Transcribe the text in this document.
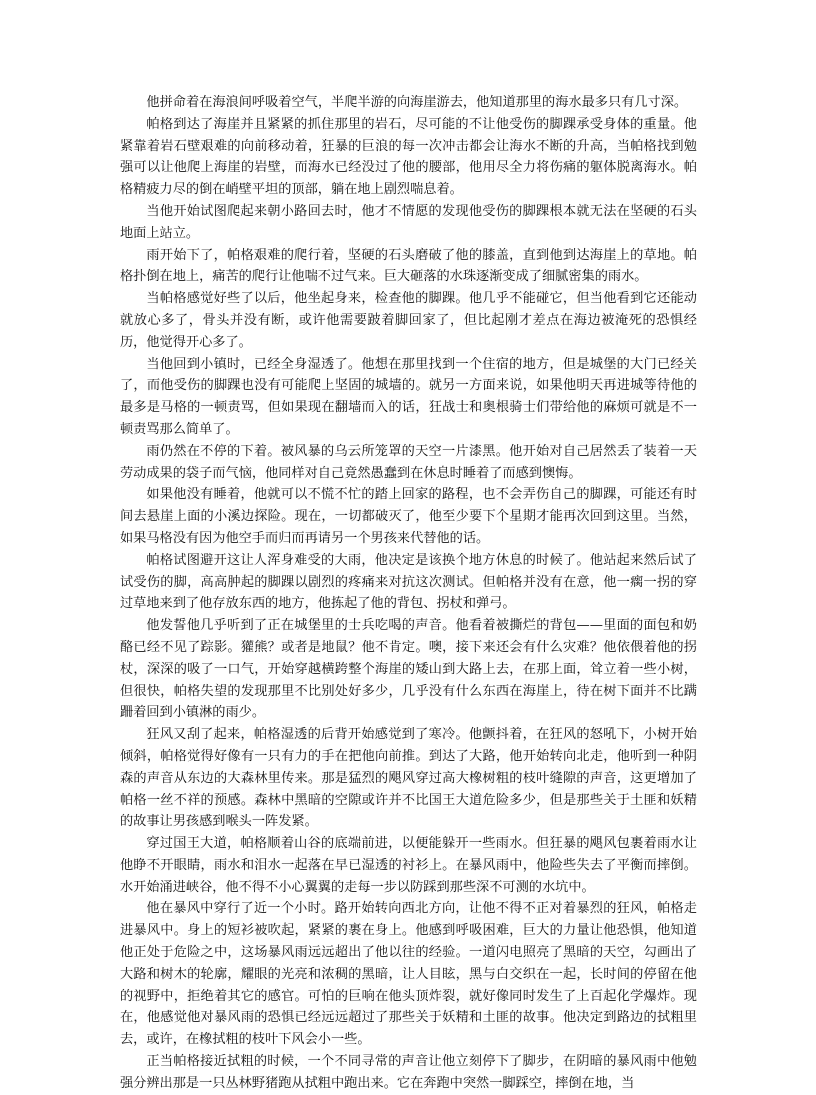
他拼命着在海浪间呼吸着空气，半爬半游的向海崖游去，他知道那里的海水最多只有几寸深。

帕格到达了海崖并且紧紧的抓住那里的岩石，尽可能的不让他受伤的脚踝承受身体的重量。他紧靠着岩石壁艰难的向前移动着，狂暴的巨浪的每一次冲击都会让海水不断的升高，当帕格找到勉强可以让他爬上海崖的岩壁，而海水已经没过了他的腰部，他用尽全力将伤痛的躯体脱离海水。帕格精疲力尽的倒在峭壁平坦的顶部，躺在地上剧烈喘息着。

当他开始试图爬起来朝小路回去时，他才不情愿的发现他受伤的脚踝根本就无法在坚硬的石头地面上站立。

雨开始下了，帕格艰难的爬行着，坚硬的石头磨破了他的膝盖，直到他到达海崖上的草地。帕格扑倒在地上，痛苦的爬行让他喘不过气来。巨大砸落的水珠逐渐变成了细腻密集的雨水。

当帕格感觉好些了以后，他坐起身来，检查他的脚踝。他几乎不能碰它，但当他看到它还能动就放心多了，骨头并没有断，或许他需要跛着脚回家了，但比起刚才差点在海边被淹死的恐惧经历，他觉得开心多了。

当他回到小镇时，已经全身湿透了。他想在那里找到一个住宿的地方，但是城堡的大门已经关了，而他受伤的脚踝也没有可能爬上坚固的城墙的。就另一方面来说，如果他明天再进城等待他的最多是马格的一顿责骂，但如果现在翻墙而入的话，狂战士和奥根骑士们带给他的麻烦可就是不一顿责骂那么简单了。

雨仍然在不停的下着。被风暴的乌云所笼罩的天空一片漆黑。他开始对自己居然丢了装着一天劳动成果的袋子而气恼，他同样对自己竟然愚蠢到在休息时睡着了而感到懊悔。

如果他没有睡着，他就可以不慌不忙的踏上回家的路程，也不会弄伤自己的脚踝，可能还有时间去悬崖上面的小溪边探险。现在，一切都破灭了，他至少要下个星期才能再次回到这里。当然，如果马格没有因为他空手而归而再请另一个男孩来代替他的话。

帕格试图避开这让人浑身难受的大雨，他决定是该换个地方休息的时候了。他站起来然后试了试受伤的脚，高高肿起的脚踝以剧烈的疼痛来对抗这次测试。但帕格并没有在意，他一瘸一拐的穿过草地来到了他存放东西的地方，他拣起了他的背包、拐杖和弹弓。

他发誓他几乎听到了正在城堡里的士兵吃喝的声音。他看着被撕烂的背包——里面的面包和奶酪已经不见了踪影。獾熊？或者是地鼠？他不肯定。噢，接下来还会有什么灾难？他依偎着他的拐杖，深深的吸了一口气，开始穿越横跨整个海崖的矮山到大路上去，在那上面，耸立着一些小树，但很快，帕格失望的发现那里不比别处好多少，几乎没有什么东西在海崖上，待在树下面并不比蹒跚着回到小镇淋的雨少。

狂风又刮了起来，帕格湿透的后背开始感觉到了寒冷。他颤抖着，在狂风的怒吼下，小树开始倾斜，帕格觉得好像有一只有力的手在把他向前推。到达了大路，他开始转向北走，他听到一种阴森的声音从东边的大森林里传来。那是猛烈的飓风穿过高大橡树粗的枝叶缝隙的声音，这更增加了帕格一丝不祥的预感。森林中黑暗的空隙或许并不比国王大道危险多少，但是那些关于土匪和妖精的故事让男孩感到喉头一阵发紧。

穿过国王大道，帕格顺着山谷的底端前进，以便能躲开一些雨水。但狂暴的飓风包裹着雨水让他睁不开眼睛，雨水和泪水一起落在早已湿透的衬衫上。在暴风雨中，他险些失去了平衡而摔倒。水开始涌进峡谷，他不得不小心翼翼的走每一步以防踩到那些深不可测的水坑中。

他在暴风中穿行了近一个小时。路开始转向西北方向，让他不得不正对着暴烈的狂风，帕格走进暴风中。身上的短衫被吹起，紧紧的裹在身上。他感到呼吸困难，巨大的力量让他恐惧，他知道他正处于危险之中，这场暴风雨远远超出了他以往的经验。一道闪电照亮了黑暗的天空，勾画出了大路和树木的轮廓，耀眼的光亮和浓稠的黑暗，让人目眩，黑与白交织在一起，长时间的停留在他的视野中，拒绝着其它的感官。可怕的巨响在他头顶炸裂，就好像同时发生了上百起化学爆炸。现在，他感觉他对暴风雨的恐惧已经远远超过了那些关于妖精和土匪的故事。他决定到路边的拭粗里去，或许，在橡拭粗的枝叶下风会小一些。

正当帕格接近拭粗的时候，一个不同寻常的声音让他立刻停下了脚步，在阴暗的暴风雨中他勉强分辨出那是一只丛林野猪跑从拭粗中跑出来。它在奔跑中突然一脚踩空，摔倒在地，当
